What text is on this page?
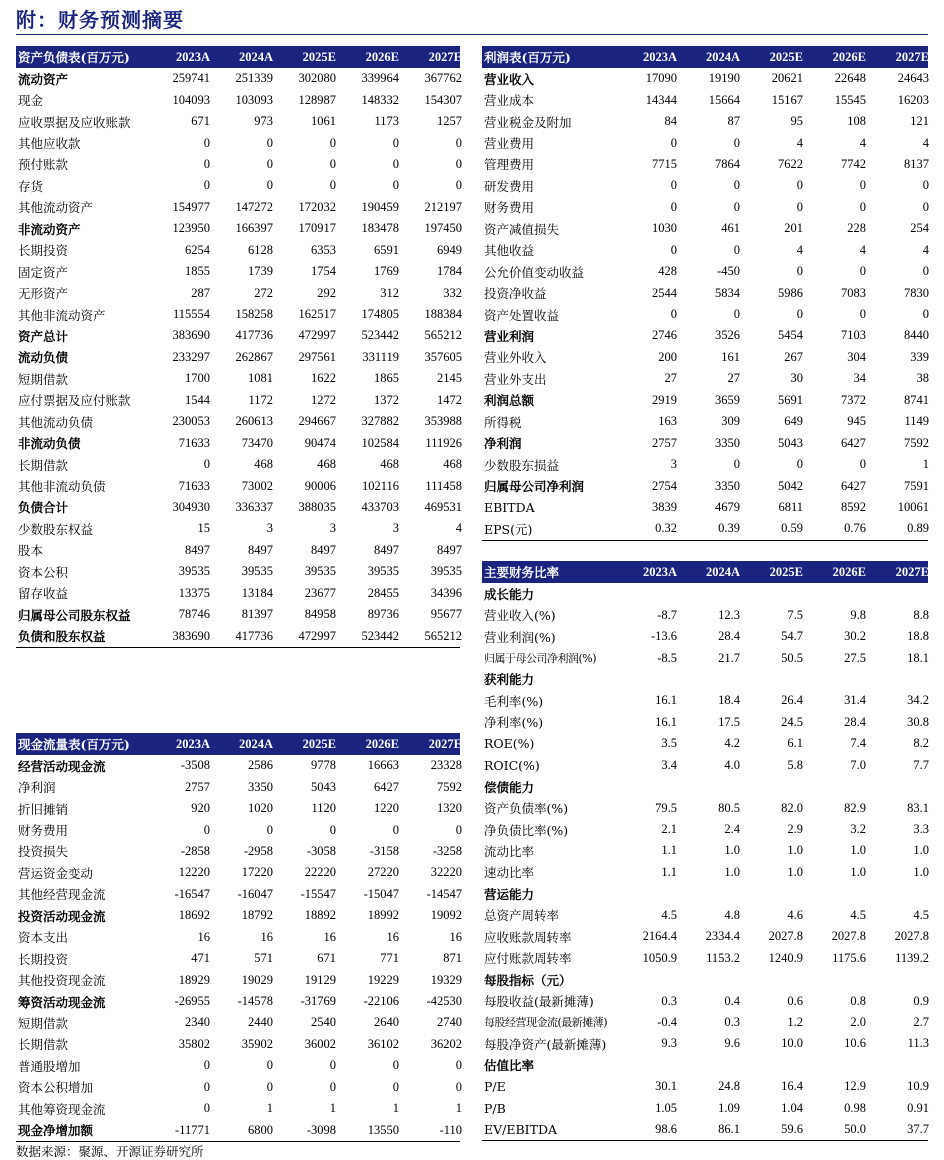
附：财务预测摘要
资产负债表(百万元)	2023A	2024A	2025E	2026E	2027E
流动资产	259741	251339	302080	339964	367762
现金	104093	103093	128987	148332	154307
应收票据及应收账款	671	973	1061	1173	1257
其他应收款	0	0	0	0	0
预付账款	0	0	0	0	0
存货	0	0	0	0	0
其他流动资产	154977	147272	172032	190459	212197
非流动资产	123950	166397	170917	183478	197450
长期投资	6254	6128	6353	6591	6949
固定资产	1855	1739	1754	1769	1784
无形资产	287	272	292	312	332
其他非流动资产	115554	158258	162517	174805	188384
资产总计	383690	417736	472997	523442	565212
流动负债	233297	262867	297561	331119	357605
短期借款	1700	1081	1622	1865	2145
应付票据及应付账款	1544	1172	1272	1372	1472
其他流动负债	230053	260613	294667	327882	353988
非流动负债	71633	73470	90474	102584	111926
长期借款	0	468	468	468	468
其他非流动负债	71633	73002	90006	102116	111458
负债合计	304930	336337	388035	433703	469531
少数股东权益	15	3	3	3	4
股本	8497	8497	8497	8497	8497
资本公积	39535	39535	39535	39535	39535
留存收益	13375	13184	23677	28455	34396
归属母公司股东权益	78746	81397	84958	89736	95677
负债和股东权益	383690	417736	472997	523442	565212
利润表(百万元)	2023A	2024A	2025E	2026E	2027E
营业收入	17090	19190	20621	22648	24643
营业成本	14344	15664	15167	15545	16203
营业税金及附加	84	87	95	108	121
营业费用	0	0	4	4	4
管理费用	7715	7864	7622	7742	8137
研发费用	0	0	0	0	0
财务费用	0	0	0	0	0
资产减值损失	1030	461	201	228	254
其他收益	0	0	4	4	4
公允价值变动收益	428	-450	0	0	0
投资净收益	2544	5834	5986	7083	7830
资产处置收益	0	0	0	0	0
营业利润	2746	3526	5454	7103	8440
营业外收入	200	161	267	304	339
营业外支出	27	27	30	34	38
利润总额	2919	3659	5691	7372	8741
所得税	163	309	649	945	1149
净利润	2757	3350	5043	6427	7592
少数股东损益	3	0	0	0	1
归属母公司净利润	2754	3350	5042	6427	7591
EBITDA	3839	4679	6811	8592	10061
EPS(元)	0.32	0.39	0.59	0.76	0.89
现金流量表(百万元)	2023A	2024A	2025E	2026E	2027E
经营活动现金流	-3508	2586	9778	16663	23328
净利润	2757	3350	5043	6427	7592
折旧摊销	920	1020	1120	1220	1320
财务费用	0	0	0	0	0
投资损失	-2858	-2958	-3058	-3158	-3258
营运资金变动	12220	17220	22220	27220	32220
其他经营现金流	-16547	-16047	-15547	-15047	-14547
投资活动现金流	18692	18792	18892	18992	19092
资本支出	16	16	16	16	16
长期投资	471	571	671	771	871
其他投资现金流	18929	19029	19129	19229	19329
筹资活动现金流	-26955	-14578	-31769	-22106	-42530
短期借款	2340	2440	2540	2640	2740
长期借款	35802	35902	36002	36102	36202
普通股增加	0	0	0	0	0
资本公积增加	0	0	0	0	0
其他筹资现金流	0	1	1	1	1
现金净增加额	-11771	6800	-3098	13550	-110
主要财务比率	2023A	2024A	2025E	2026E	2027E
成长能力
营业收入(%)	-8.7	12.3	7.5	9.8	8.8
营业利润(%)	-13.6	28.4	54.7	30.2	18.8
归属于母公司净利润(%)	-8.5	21.7	50.5	27.5	18.1
获利能力
毛利率(%)	16.1	18.4	26.4	31.4	34.2
净利率(%)	16.1	17.5	24.5	28.4	30.8
ROE(%)	3.5	4.2	6.1	7.4	8.2
ROIC(%)	3.4	4.0	5.8	7.0	7.7
偿债能力
资产负债率(%)	79.5	80.5	82.0	82.9	83.1
净负债比率(%)	2.1	2.4	2.9	3.2	3.3
流动比率	1.1	1.0	1.0	1.0	1.0
速动比率	1.1	1.0	1.0	1.0	1.0
营运能力
总资产周转率	4.5	4.8	4.6	4.5	4.5
应收账款周转率	2164.4	2334.4	2027.8	2027.8	2027.8
应付账款周转率	1050.9	1153.2	1240.9	1175.6	1139.2
每股指标（元）
每股收益(最新摊薄)	0.3	0.4	0.6	0.8	0.9
每股经营现金流(最新摊薄)	-0.4	0.3	1.2	2.0	2.7
每股净资产(最新摊薄)	9.3	9.6	10.0	10.6	11.3
估值比率
P/E	30.1	24.8	16.4	12.9	10.9
P/B	1.05	1.09	1.04	0.98	0.91
EV/EBITDA	98.6	86.1	59.6	50.0	37.7
数据来源：聚源、开源证券研究所
